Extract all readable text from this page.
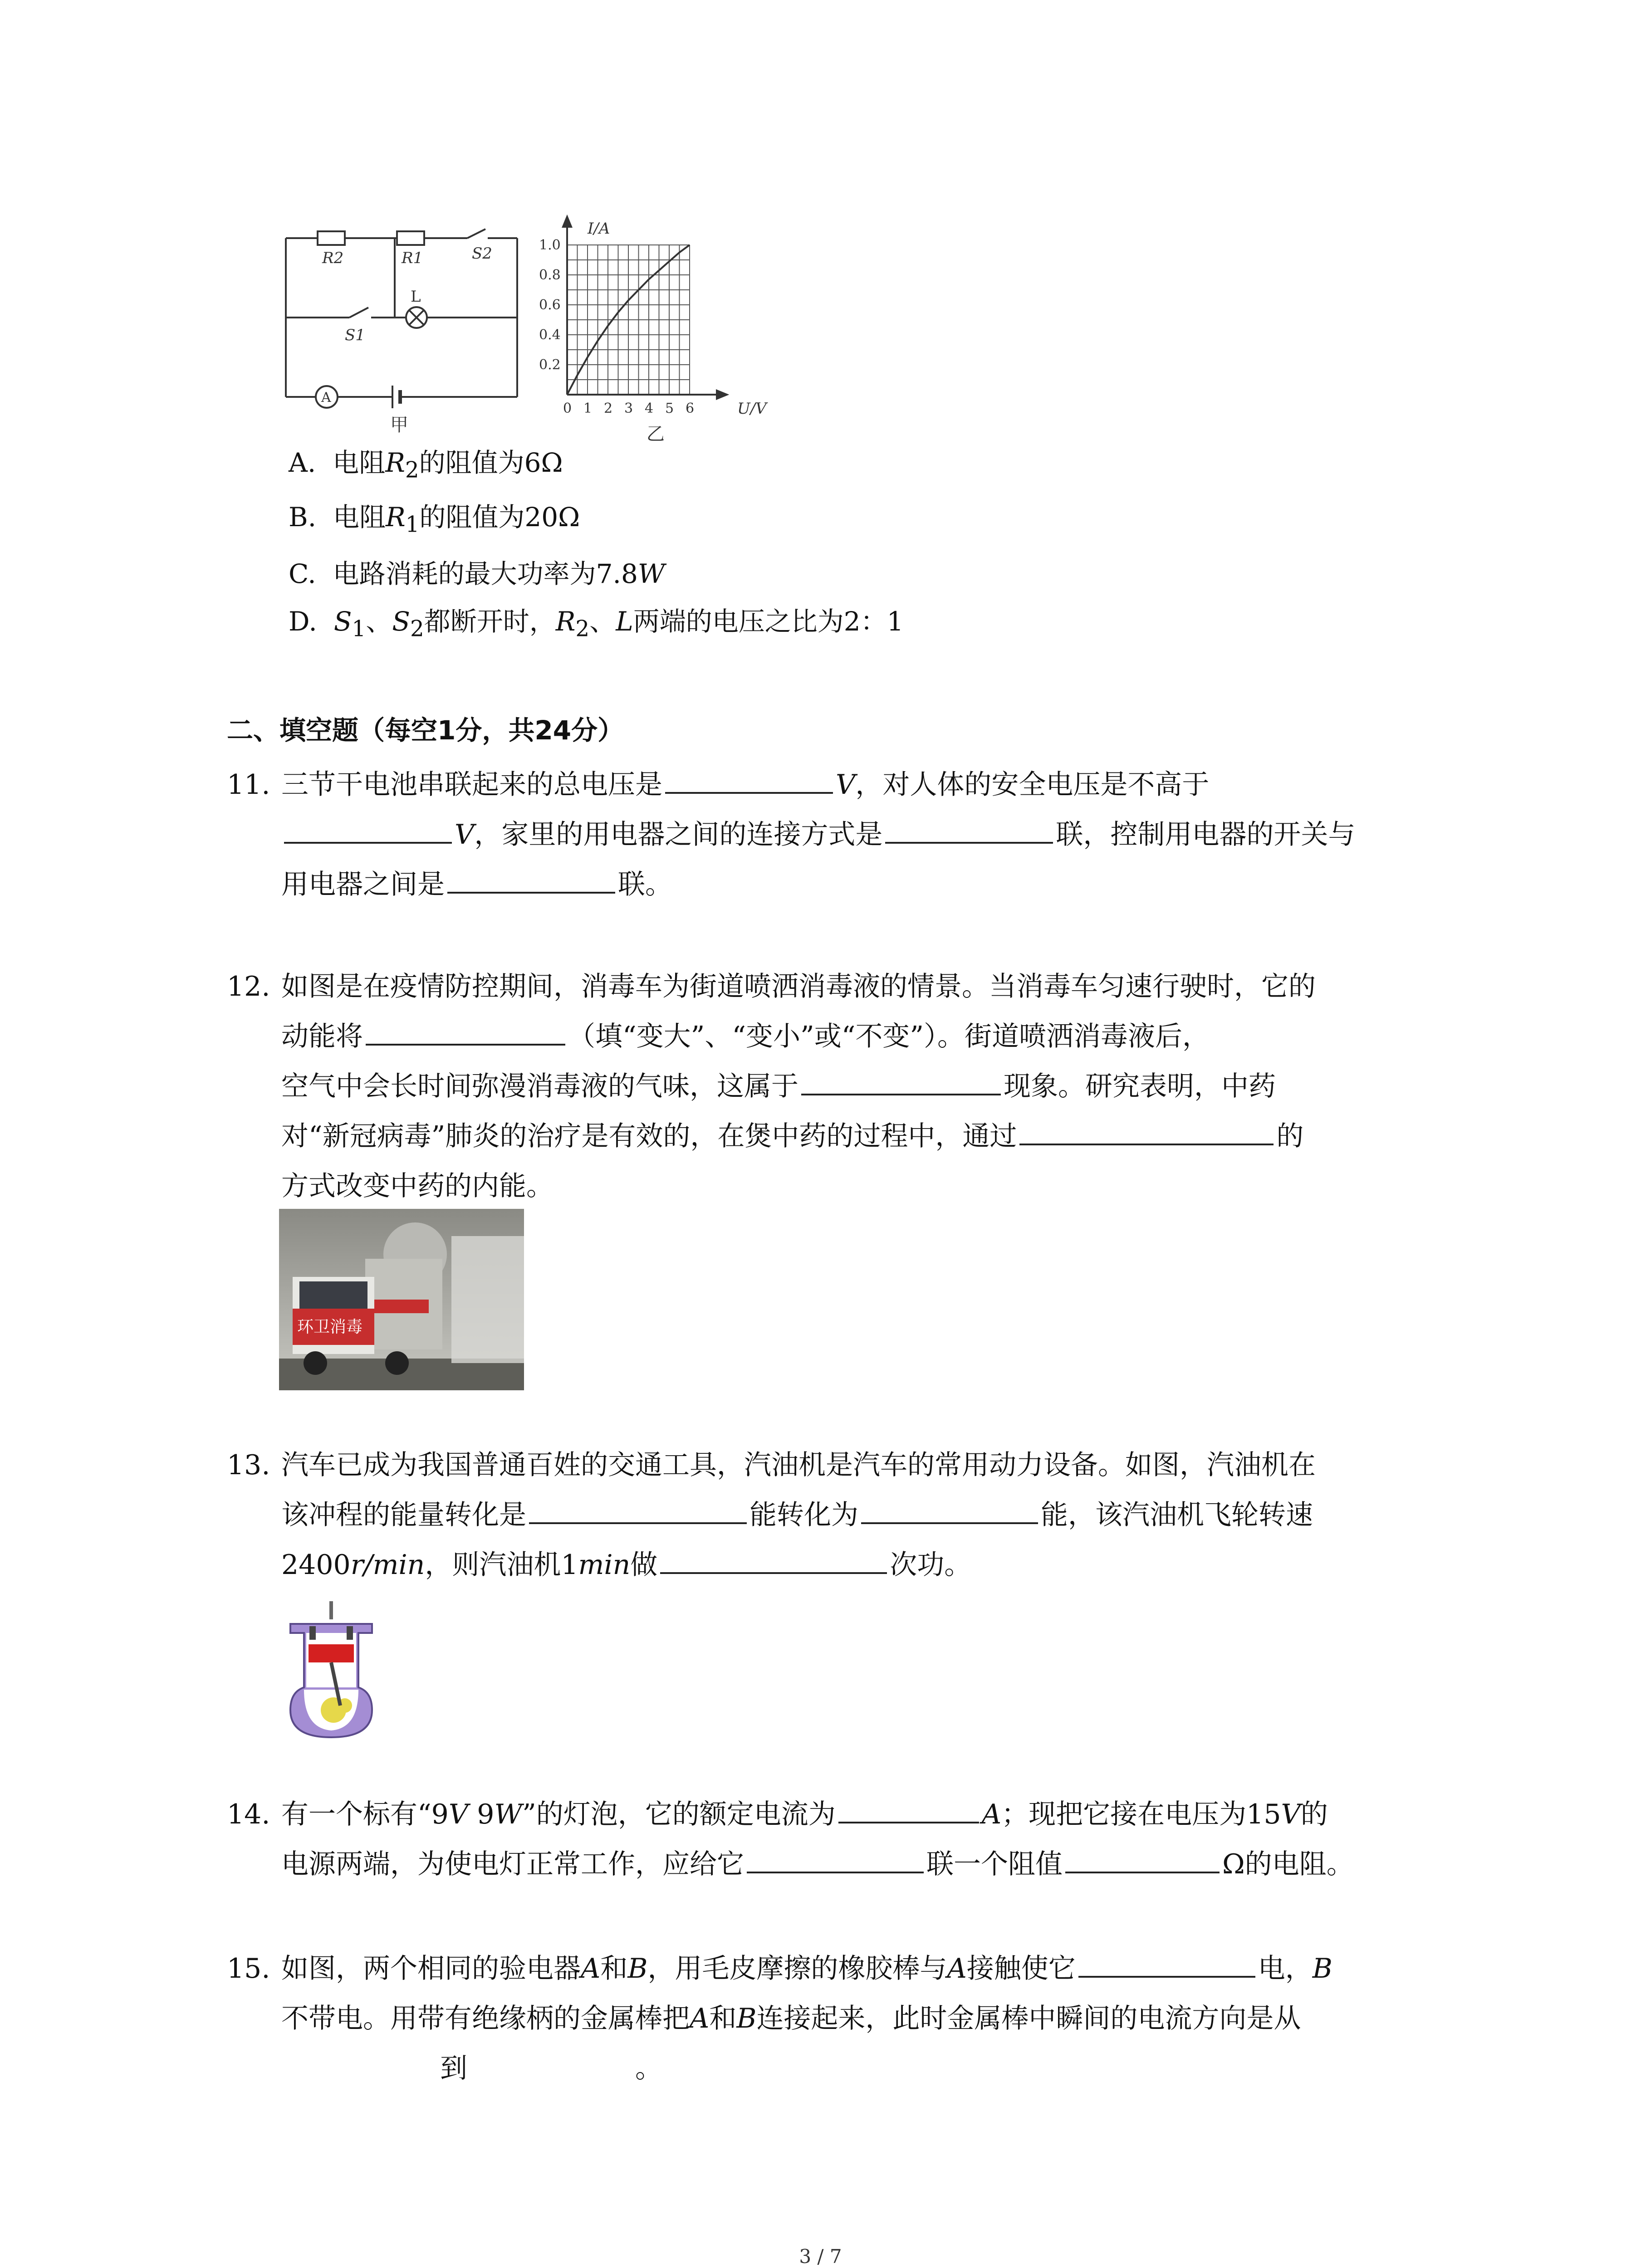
R2	R1	S2
S1
L
A
甲
I/A
U/V
乙
1.0
0.8
0.6
0.4
0.2
0 1 2 3 4 5 6
A. 电阻$R_2$的阻值为6Ω
B. 电阻$R_1$的阻值为20Ω
C. 电路消耗的最大功率为7.8W
D. $S_1$、$S_2$都断开时，$R_2$、L两端的电压之比为2：1
二、填空题（每空1分，共24分）
11. 三节干电池串联起来的总电压是	V，对人体的安全电压是不高于
V，家里的用电器之间的连接方式是	联，控制用电器的开关与
用电器之间是	联。
12. 如图是在疫情防控期间，消毒车为街道喷洒消毒液的情景。当消毒车匀速行驶时，它的
动能将	（填“变大”、“变小”或“不变”）。街道喷洒消毒液后，
空气中会长时间弥漫消毒液的气味，这属于	现象。研究表明，中药
对“新冠病毒”肺炎的治疗是有效的，在煲中药的过程中，通过	的
方式改变中药的内能。
环卫消毒
13. 汽车已成为我国普通百姓的交通工具，汽油机是汽车的常用动力设备。如图，汽油机在
该冲程的能量转化是	能转化为	能，该汽油机飞轮转速
2400r/min，则汽油机1min做	次功。
14. 有一个标有“9V 9W”的灯泡，它的额定电流为	A；现把它接在电压为15V的
电源两端，为使电灯正常工作，应给它	联一个阻值	Ω的电阻。
15. 如图，两个相同的验电器A和B，用毛皮摩擦的橡胶棒与A接触使它	电，B
不带电。用带有绝缘柄的金属棒把A和B连接起来，此时金属棒中瞬间的电流方向是从
到	。
3 / 7
